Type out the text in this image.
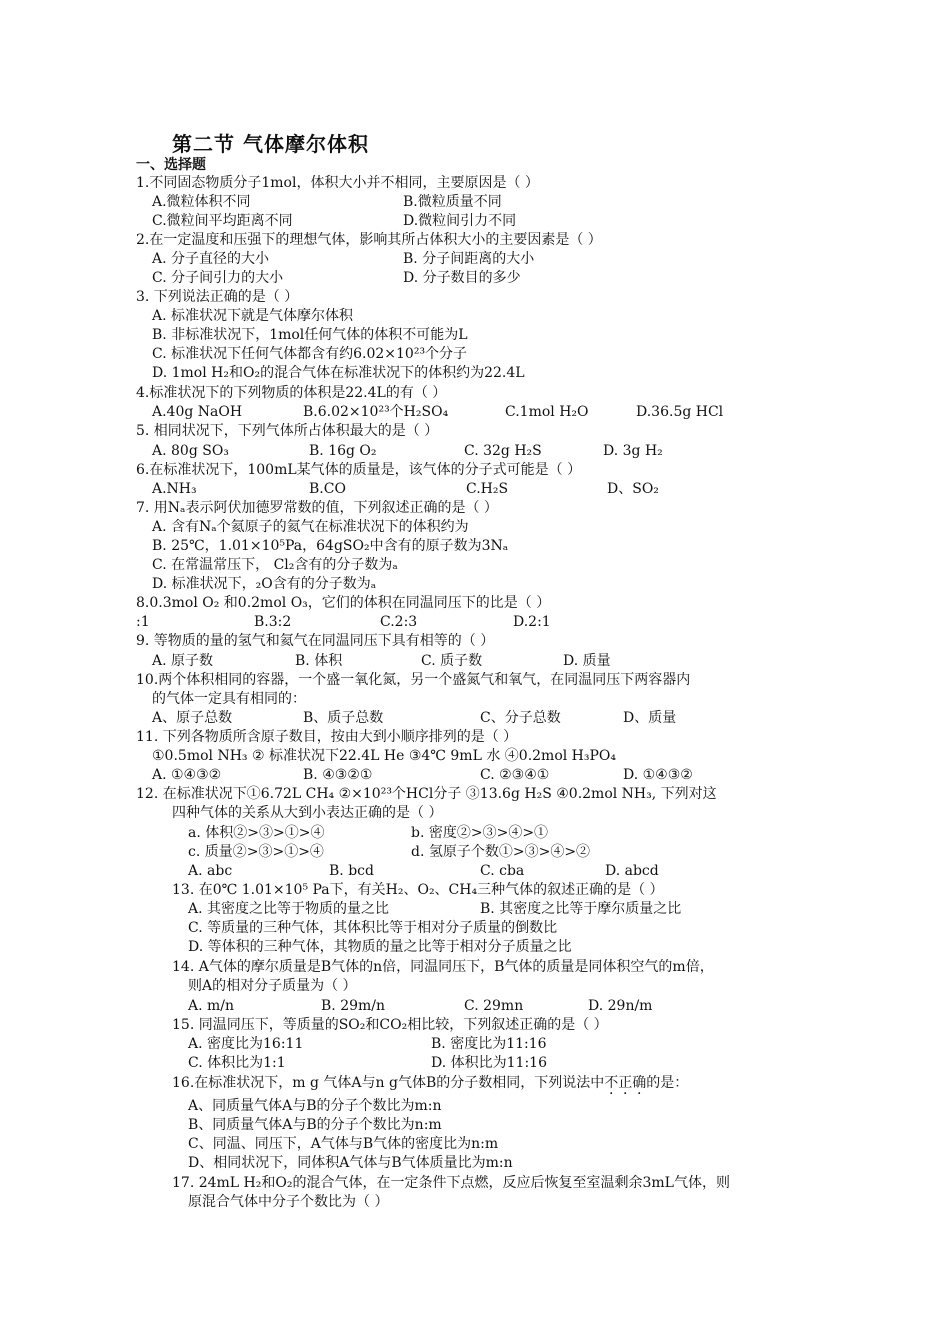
第二节 气体摩尔体积
一、选择题
1.不同固态物质分子1mol，体积大小并不相同，主要原因是（ ）
A.微粒体积不同	B.微粒质量不同
C.微粒间平均距离不同	D.微粒间引力不同
2.在一定温度和压强下的理想气体，影响其所占体积大小的主要因素是（ ）
A. 分子直径的大小	B. 分子间距离的大小
C. 分子间引力的大小	D. 分子数目的多少
3. 下列说法正确的是（ ）
A. 标准状况下就是气体摩尔体积
B. 非标准状况下，1mol任何气体的体积不可能为L
C. 标准状况下任何气体都含有约6.02×10²³个分子
D. 1mol H₂和O₂的混合气体在标准状况下的体积约为22.4L
4.标准状况下的下列物质的体积是22.4L的有（ ）
A.40g NaOH	B.6.02×10²³个H₂SO₄	C.1mol H₂O	D.36.5g HCl
5. 相同状况下，下列气体所占体积最大的是（ ）
A. 80g SO₃	B. 16g O₂	C. 32g H₂S	D. 3g H₂
6.在标准状况下，100mL某气体的质量是，该气体的分子式可能是（ ）
A.NH₃	B.CO	C.H₂S	D、SO₂
7. 用Nₐ表示阿伏加德罗常数的值，下列叙述正确的是（ ）
A. 含有Nₐ个氦原子的氦气在标准状况下的体积约为
B. 25℃，1.01×10⁵Pa，64gSO₂中含有的原子数为3Nₐ
C. 在常温常压下， Cl₂含有的分子数为ₐ
D. 标准状况下，₂O含有的分子数为ₐ
8.0.3mol O₂ 和0.2mol O₃，它们的体积在同温同压下的比是（ ）
:1	B.3:2	C.2:3	D.2:1
9. 等物质的量的氢气和氦气在同温同压下具有相等的（ ）
A. 原子数	B. 体积	C. 质子数	D. 质量
10.两个体积相同的容器，一个盛一氧化氮，另一个盛氮气和氧气，在同温同压下两容器内
的气体一定具有相同的：
A、原子总数	B、质子总数	C、分子总数	D、质量
11. 下列各物质所含原子数目，按由大到小顺序排列的是（ ）
①0.5mol NH₃ ② 标准状况下22.4L He ③4℃ 9mL 水 ④0.2mol H₃PO₄
A. ①④③②	B. ④③②①	C. ②③④①	D. ①④③②
12. 在标准状况下①6.72L CH₄ ②×10²³个HCl分子 ③13.6g H₂S ④0.2mol NH₃, 下列对这
四种气体的关系从大到小表达正确的是（ ）
a. 体积②>③>①>④	b. 密度②>③>④>①
c. 质量②>③>①>④	d. 氢原子个数①>③>④>②
A. abc	B. bcd	C. cba	D. abcd
13. 在0℃ 1.01×10⁵ Pa下，有关H₂、O₂、CH₄三种气体的叙述正确的是（ ）
A. 其密度之比等于物质的量之比	B. 其密度之比等于摩尔质量之比
C. 等质量的三种气体，其体积比等于相对分子质量的倒数比
D. 等体积的三种气体，其物质的量之比等于相对分子质量之比
14. A气体的摩尔质量是B气体的n倍，同温同压下，B气体的质量是同体积空气的m倍，
则A的相对分子质量为（ ）
A. m/n	B. 29m/n	C. 29mn	D. 29n/m
15. 同温同压下，等质量的SO₂和CO₂相比较，下列叙述正确的是（ ）
A. 密度比为16:11	B. 密度比为11:16
C. 体积比为1:1	D. 体积比为11:16
16.在标准状况下，m g 气体A与n g气体B的分子数相同，下列说法中不正确的是：
A、同质量气体A与B的分子个数比为m:n
B、同质量气体A与B的分子个数比为n:m
C、同温、同压下，A气体与B气体的密度比为n:m
D、相同状况下，同体积A气体与B气体质量比为m:n
17. 24mL H₂和O₂的混合气体，在一定条件下点燃，反应后恢复至室温剩余3mL气体，则
原混合气体中分子个数比为（ ）
